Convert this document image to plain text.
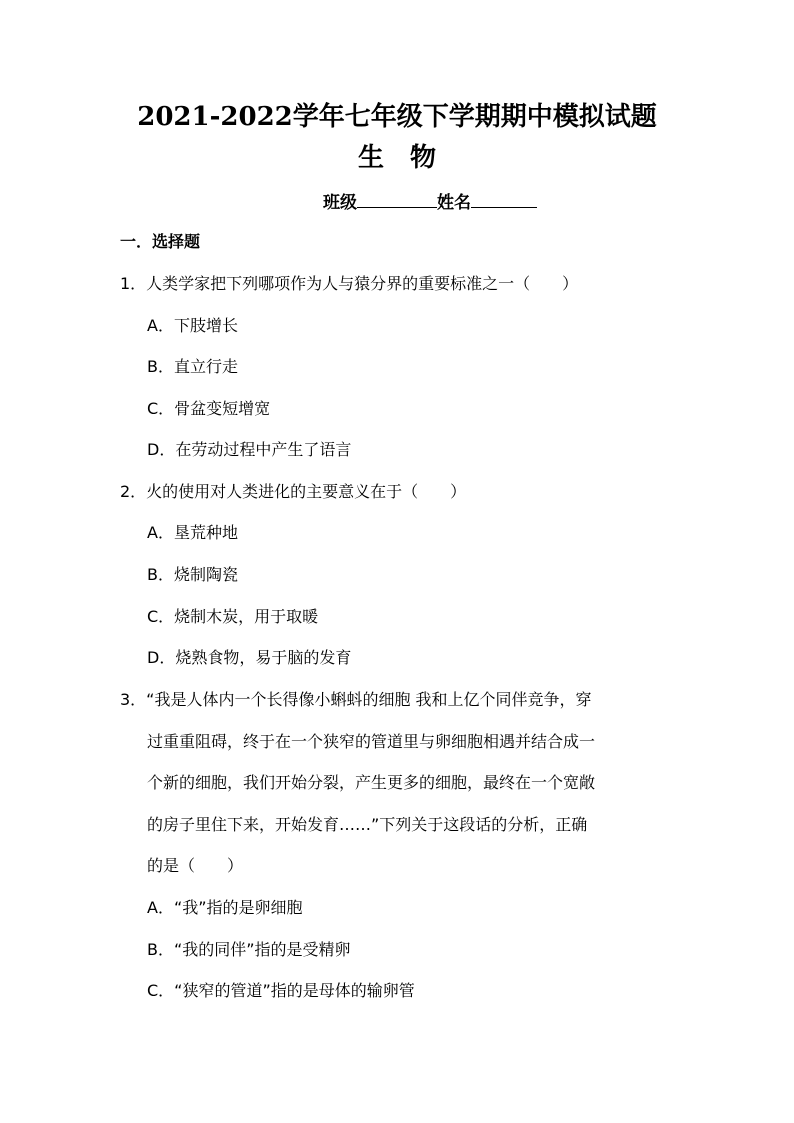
2021-2022学年七年级下学期期中模拟试题
生物
班级	姓名
一．选择题
1．人类学家把下列哪项作为人与猿分界的重要标准之一（　　）
A．下肢增长
B．直立行走
C．骨盆变短增宽
D．在劳动过程中产生了语言
2．火的使用对人类进化的主要意义在于（　　）
A．垦荒种地
B．烧制陶瓷
C．烧制木炭，用于取暖
D．烧熟食物，易于脑的发育
3．“我是人体内一个长得像小蝌蚪的细胞 我和上亿个同伴竞争，穿
过重重阻碍，终于在一个狭窄的管道里与卵细胞相遇并结合成一
个新的细胞，我们开始分裂，产生更多的细胞，最终在一个宽敞
的房子里住下来，开始发育……”下列关于这段话的分析，正确
的是（　　）
A．“我”指的是卵细胞
B．“我的同伴”指的是受精卵
C．“狭窄的管道”指的是母体的输卵管
